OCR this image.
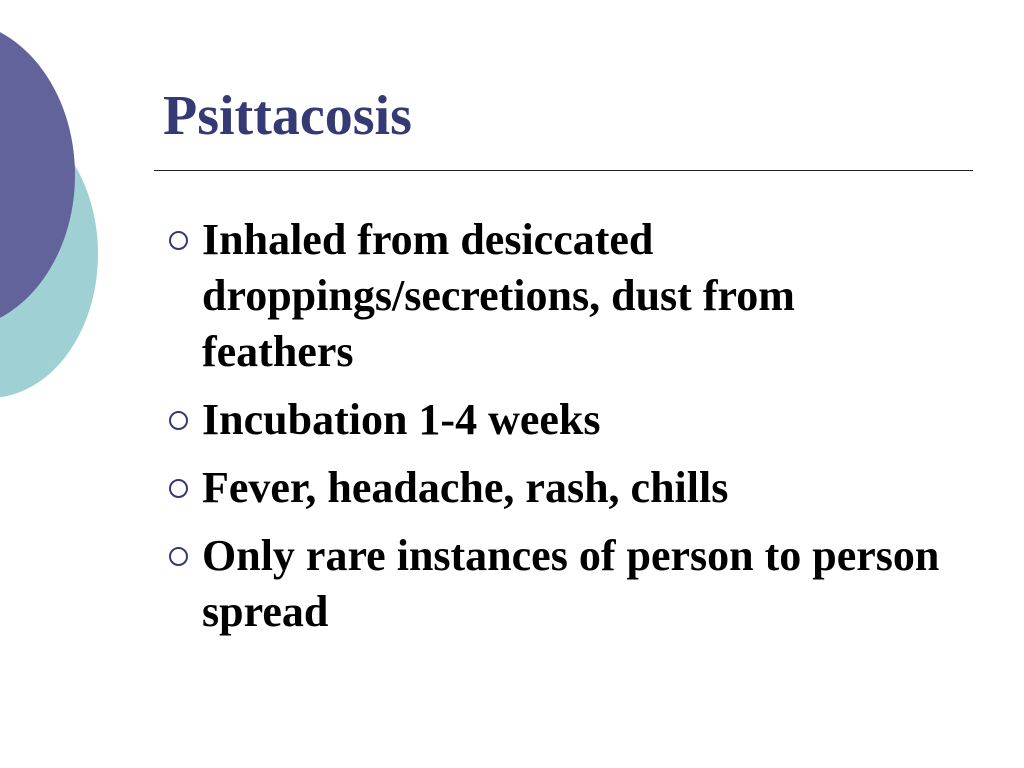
Psittacosis
Inhaled from desiccated droppings/secretions, dust from feathers
Incubation 1-4 weeks
Fever, headache, rash, chills
Only rare instances of person to person spread
